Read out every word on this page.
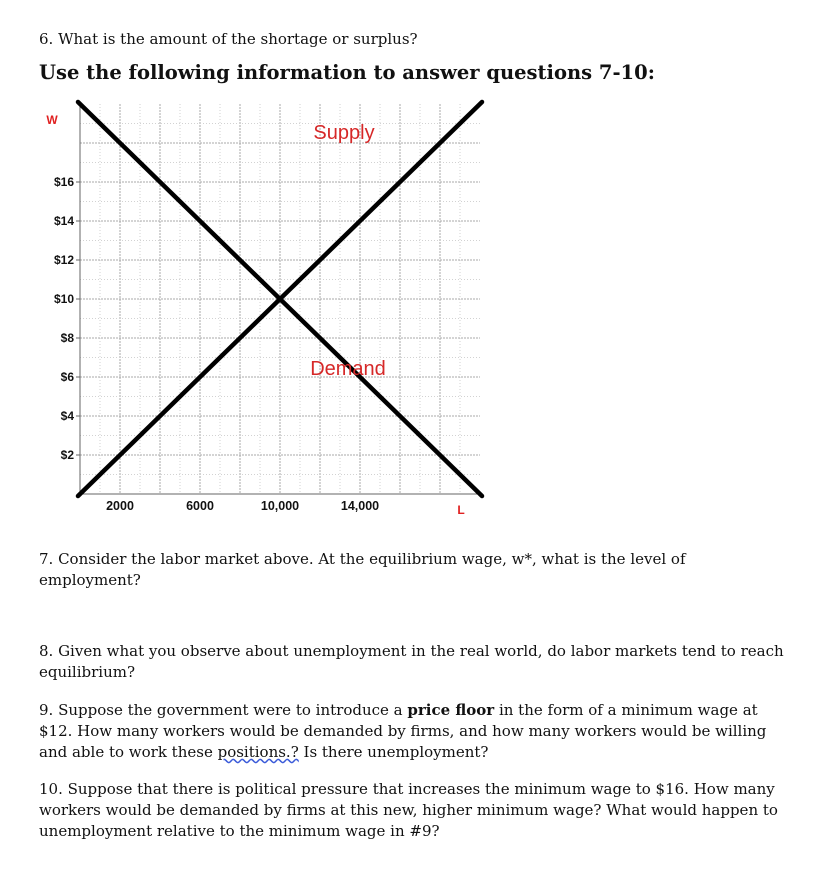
6. What is the amount of the shortage or surplus?
Use the following information to answer questions 7-10:
$16
$14
$12
$10
$8
$6
$4
$2
2000	6000	10,000	14,000
W
L
Supply
Demand
7. Consider the labor market above. At the equilibrium wage, w*, what is the level of employment?
8. Given what you observe about unemployment in the real world, do labor markets tend to reach equilibrium?
9. Suppose the government were to introduce a price floor in the form of a minimum wage at $12. How many workers would be demanded by firms, and how many workers would be willing and able to work these positions.? Is there unemployment?
10. Suppose that there is political pressure that increases the minimum wage to $16. How many workers would be demanded by firms at this new, higher minimum wage? What would happen to unemployment relative to the minimum wage in #9?
